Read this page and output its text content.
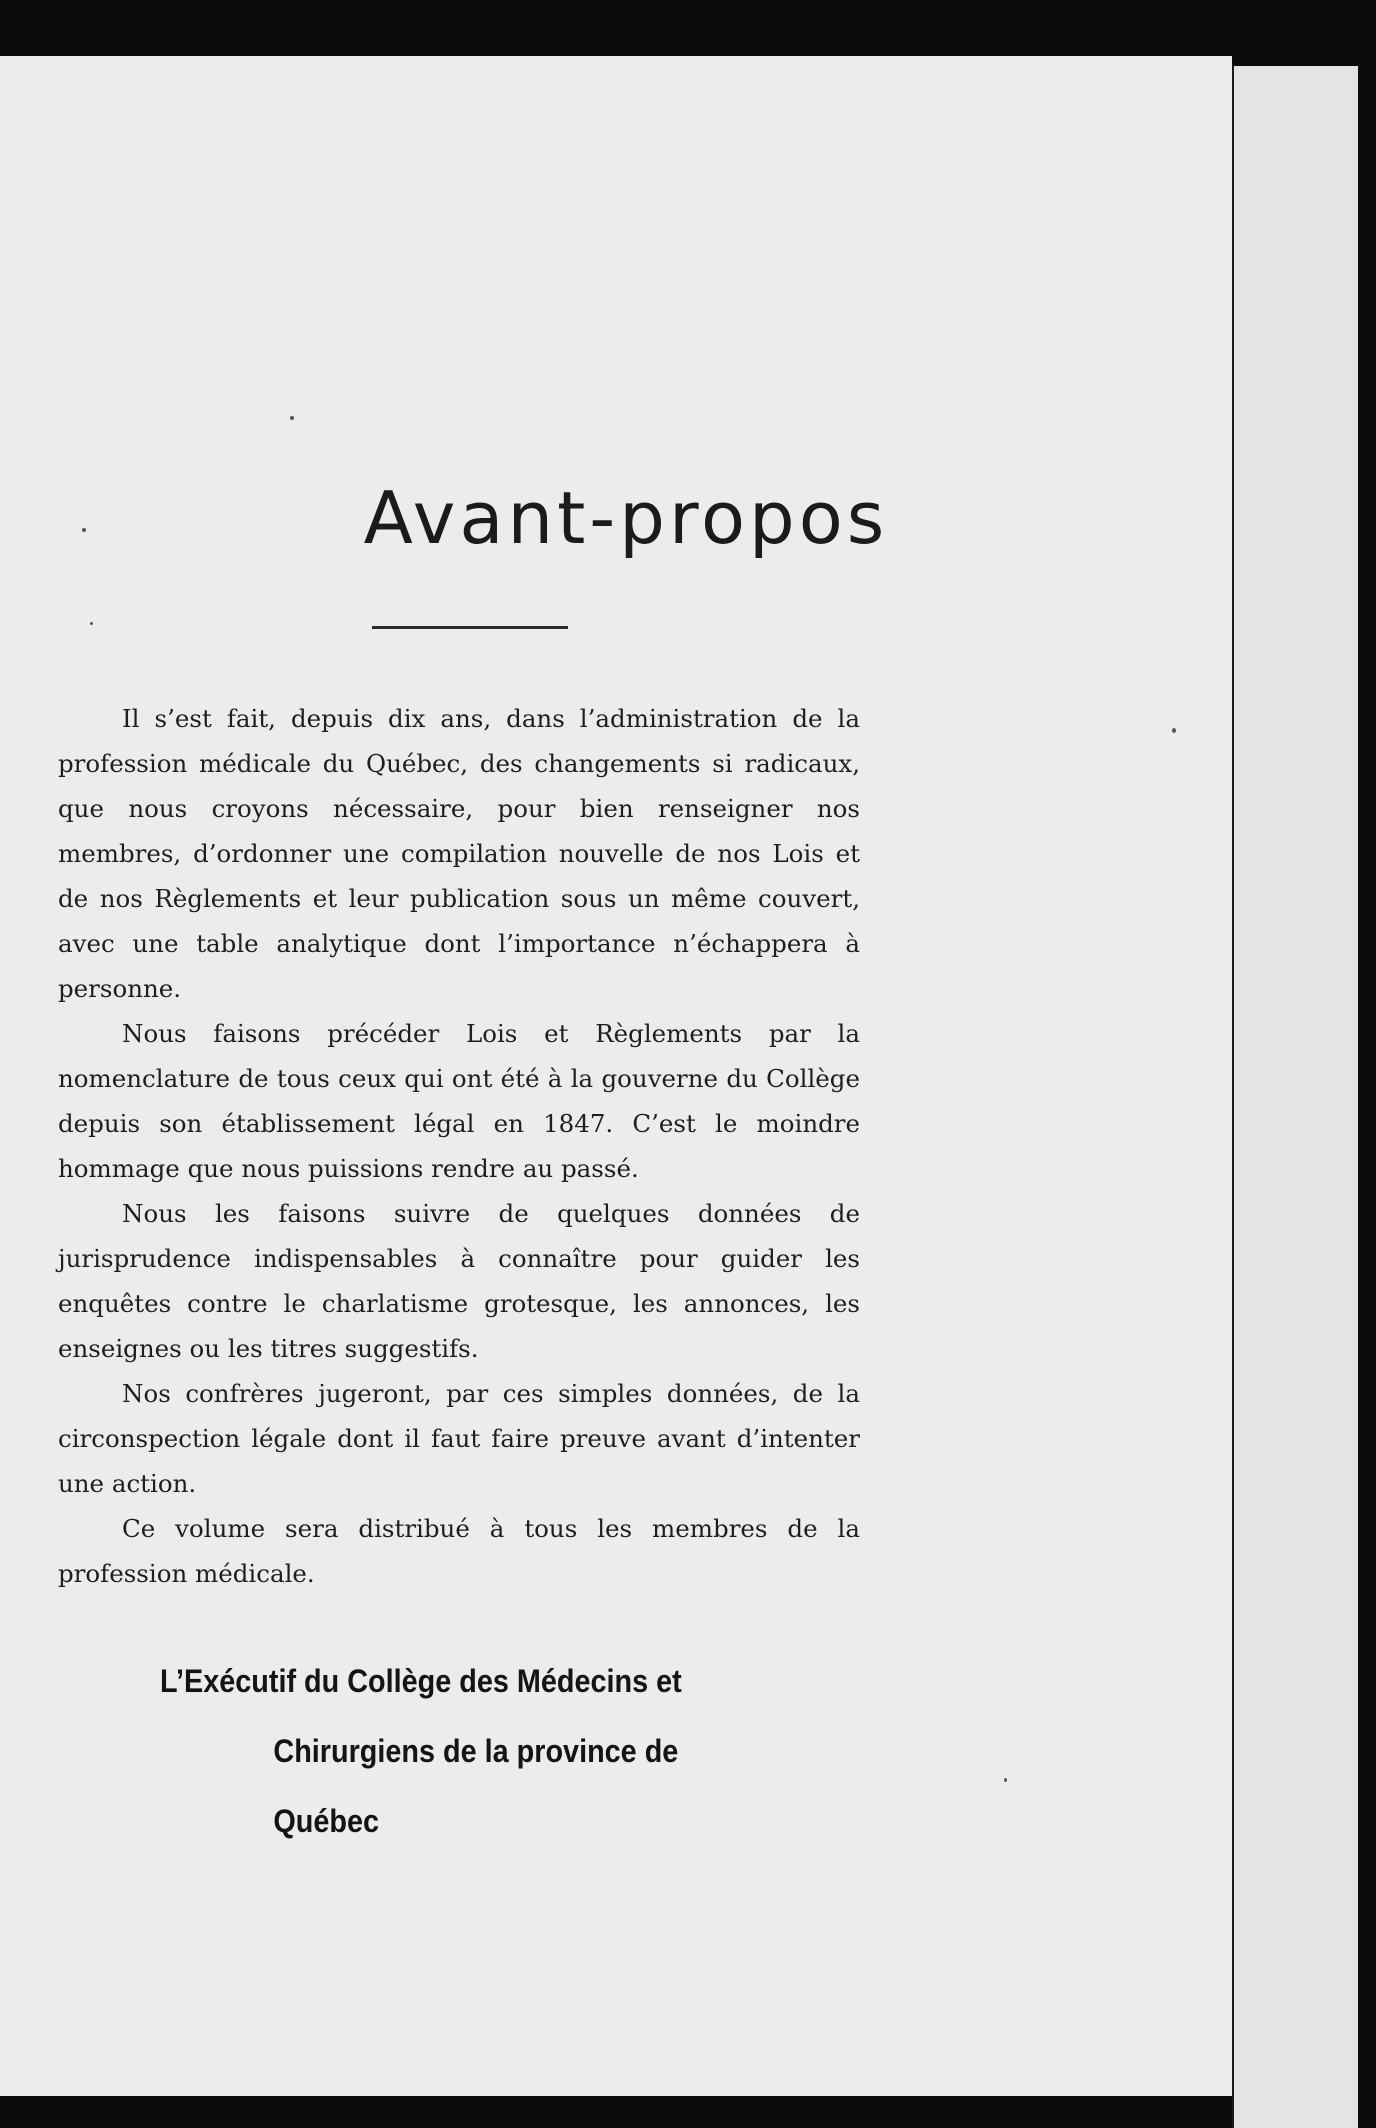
Avant-propos

Il s’est fait, depuis dix ans, dans l’administration de la profession médicale du Québec, des changements si radicaux, que nous croyons nécessaire, pour bien renseigner nos membres, d’ordonner une compilation nouvelle de nos Lois et de nos Règlements et leur publication sous un même couvert, avec une table analytique dont l’importance n’échappera à personne.

Nous faisons précéder Lois et Règlements par la nomenclature de tous ceux qui ont été à la gouverne du Collège depuis son établissement légal en 1847. C’est le moindre hommage que nous puissions rendre au passé.

Nous les faisons suivre de quelques données de jurisprudence indispensables à connaître pour guider les enquêtes contre le charlatisme grotesque, les annonces, les enseignes ou les titres suggestifs.

Nos confrères jugeront, par ces simples données, de la circonspection légale dont il faut faire preuve avant d’intenter une action.

Ce volume sera distribué à tous les membres de la profession médicale.

L’Exécutif du Collège des Médecins et
Chirurgiens de la province de Québec
